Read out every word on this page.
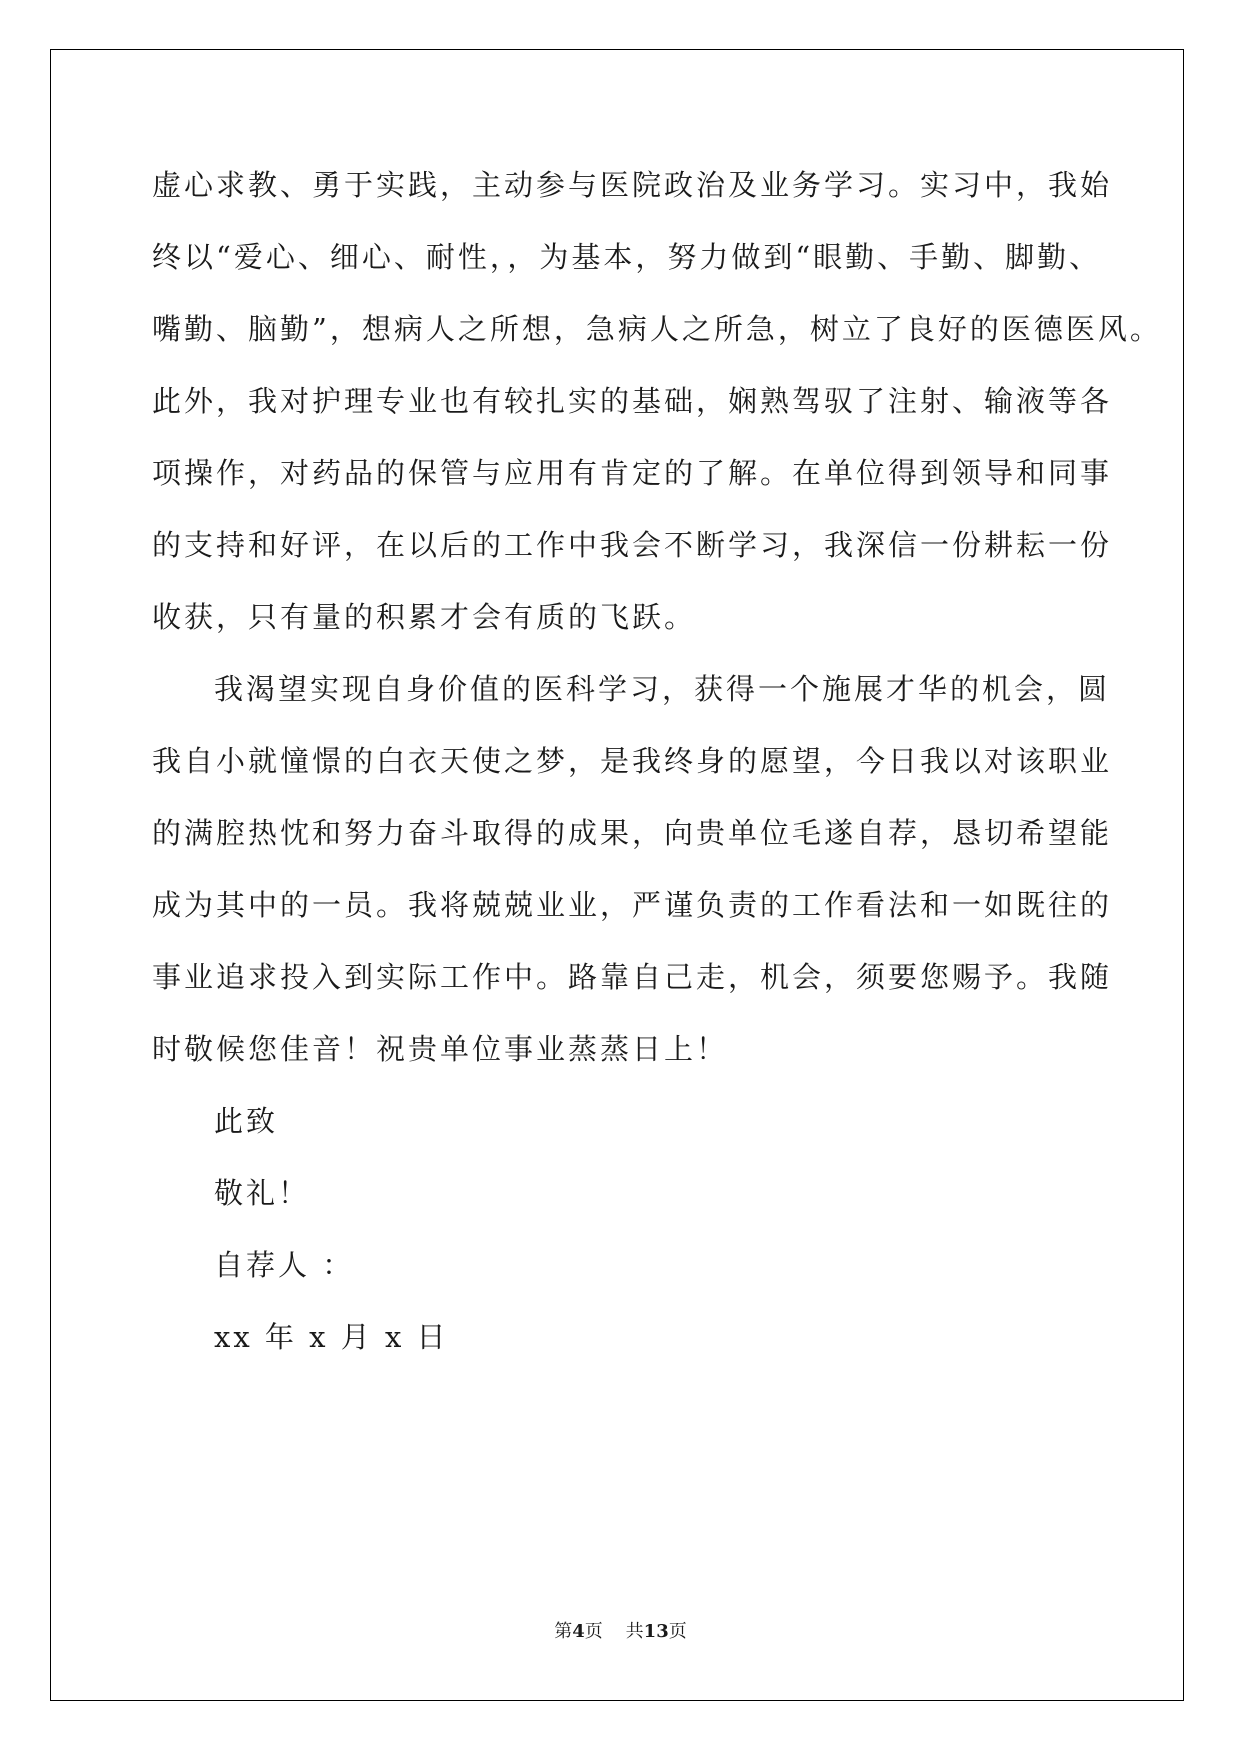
虚心求教、勇于实践，主动参与医院政治及业务学习。实习中，我始
终以“爱心、细心、耐性，，为基本，努力做到“眼勤、手勤、脚勤、
嘴勤、脑勤”，想病人之所想，急病人之所急，树立了良好的医德医风。
此外，我对护理专业也有较扎实的基础，娴熟驾驭了注射、输液等各
项操作，对药品的保管与应用有肯定的了解。在单位得到领导和同事
的支持和好评，在以后的工作中我会不断学习，我深信一份耕耘一份
收获，只有量的积累才会有质的飞跃。
我渴望实现自身价值的医科学习，获得一个施展才华的机会，圆
我自小就憧憬的白衣天使之梦，是我终身的愿望，今日我以对该职业
的满腔热忱和努力奋斗取得的成果，向贵单位毛遂自荐，恳切希望能
成为其中的一员。我将兢兢业业，严谨负责的工作看法和一如既往的
事业追求投入到实际工作中。路靠自己走，机会，须要您赐予。我随
时敬候您佳音！祝贵单位事业蒸蒸日上！
此致
敬礼！
自荐人 ：
xx 年 x 月 x 日
第4页 共13页
